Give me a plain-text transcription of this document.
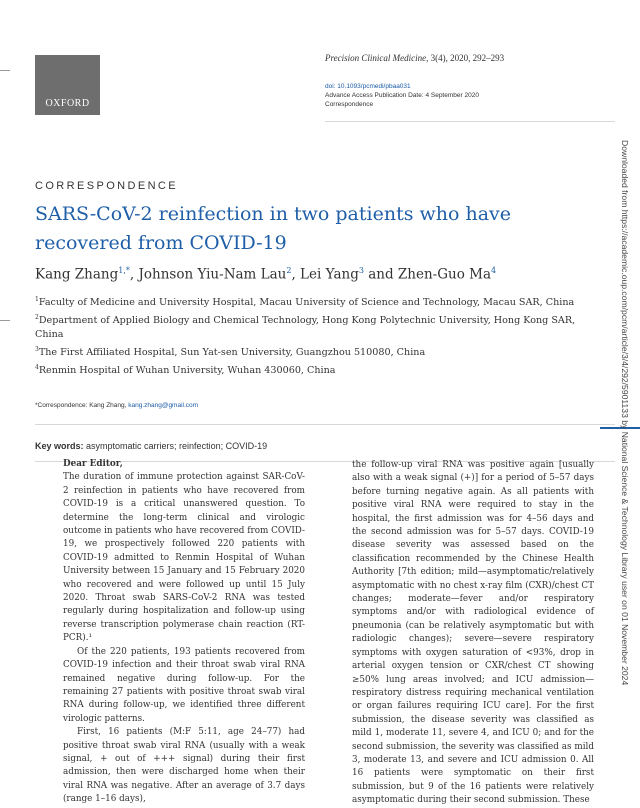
OXFORD
Precision Clinical Medicine, 3(4), 2020, 292–293
doi: 10.1093/pcmedi/pbaa031
Advance Access Publication Date: 4 September 2020
Correspondence
CORRESPONDENCE
SARS-CoV-2 reinfection in two patients who have recovered from COVID-19
Kang Zhang$^{1,*}$, Johnson Yiu-Nam Lau$^2$, Lei Yang$^3$ and Zhen-Guo Ma$^4$
$^1$Faculty of Medicine and University Hospital, Macau University of Science and Technology, Macau SAR, China
$^2$Department of Applied Biology and Chemical Technology, Hong Kong Polytechnic University, Hong Kong SAR, China
$^3$The First Affiliated Hospital, Sun Yat-sen University, Guangzhou 510080, China
$^4$Renmin Hospital of Wuhan University, Wuhan 430060, China
*Correspondence: Kang Zhang, kang.zhang@gmail.com
Key words: asymptomatic carriers; reinfection; COVID-19

Dear Editor,

The duration of immune protection against SAR-CoV-2 reinfection in patients who have recovered from COVID-19 is a critical unanswered question. To determine the long-term clinical and virologic outcome in patients who have recovered from COVID-19, we prospectively followed 220 patients with COVID-19 admitted to Renmin Hospital of Wuhan University between 15 January and 15 February 2020 who recovered and were followed up until 15 July 2020. Throat swab SARS-CoV-2 RNA was tested regularly during hospitalization and follow-up using reverse transcription polymerase chain reaction (RT-PCR).¹

Of the 220 patients, 193 patients recovered from COVID-19 infection and their throat swab viral RNA remained negative during follow-up. For the remaining 27 patients with positive throat swab viral RNA during follow-up, we identified three different virologic patterns.

First, 16 patients (M:F 5:11, age 24–77) had positive throat swab viral RNA (usually with a weak signal, + out of +++ signal) during their first admission, then were discharged home when their viral RNA was negative. After an average of 3.7 days (range 1–16 days),

the follow-up viral RNA was positive again [usually also with a weak signal (+)] for a period of 5–57 days before turning negative again. As all patients with positive viral RNA were required to stay in the hospital, the first admission was for 4–56 days and the second admission was for 5–57 days. COVID-19 disease severity was assessed based on the classification recommended by the Chinese Health Authority [7th edition; mild—asymptomatic/relatively asymptomatic with no chest x-ray film (CXR)/chest CT changes; moderate—fever and/or respiratory symptoms and/or with radiological evidence of pneumonia (can be relatively asymptomatic but with radiologic changes); severe—severe respiratory symptoms with oxygen saturation of <93%, drop in arterial oxygen tension or CXR/chest CT showing ≥50% lung areas involved; and ICU admission—respiratory distress requiring mechanical ventilation or organ failures requiring ICU care]. For the first submission, the disease severity was classified as mild 1, moderate 11, severe 4, and ICU 0; and for the second submission, the severity was classified as mild 3, moderate 13, and severe and ICU admission 0. All 16 patients were symptomatic on their first submission, but 9 of the 16 patients were relatively asymptomatic during their second submission. These

Downloaded from https://academic.oup.com/pcm/article/3/4/292/5901133 by National Science & Technology Library user on 01 November 2024
